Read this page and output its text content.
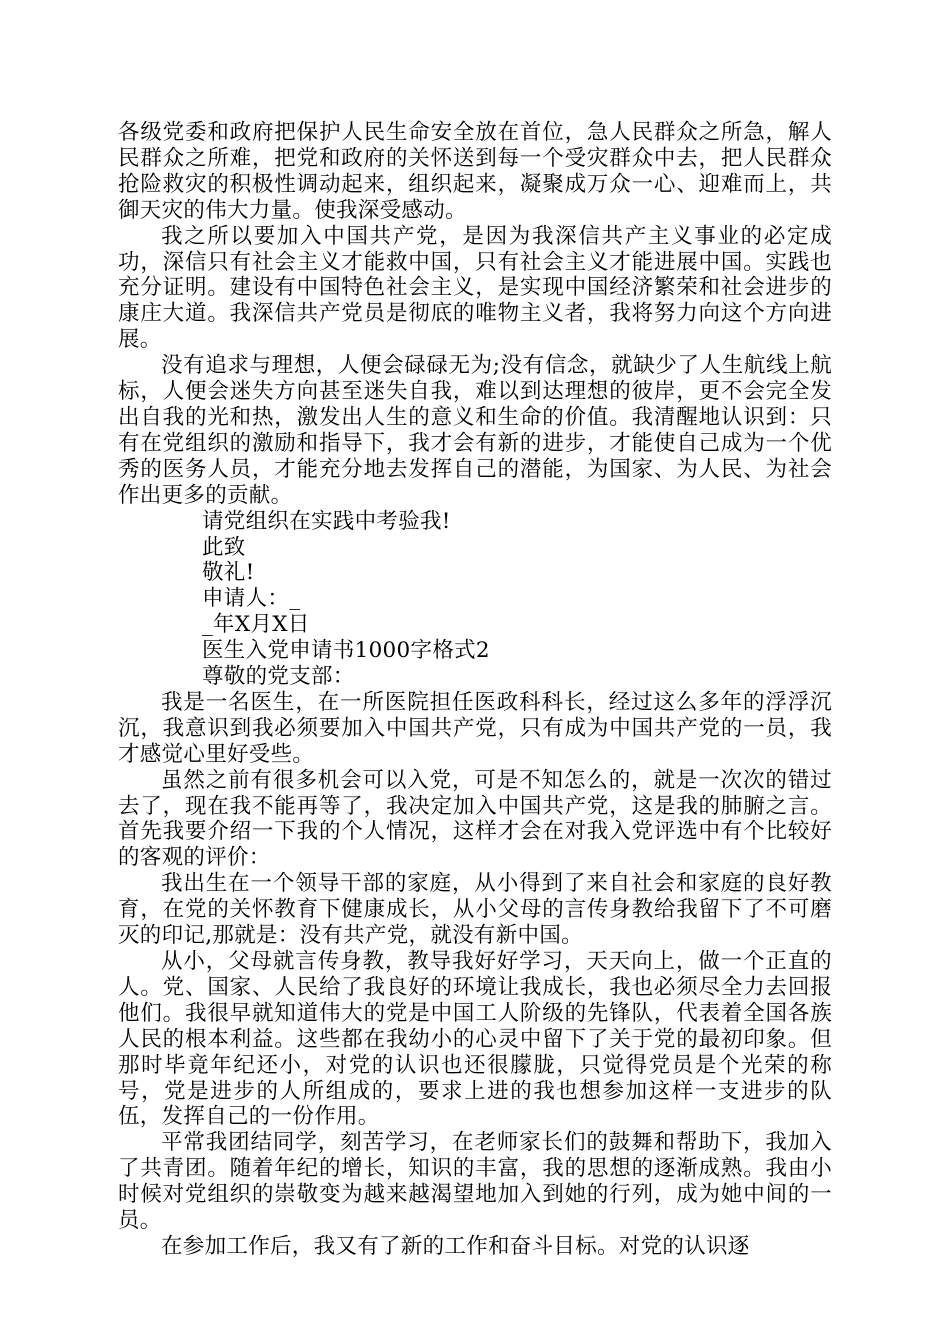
各级党委和政府把保护人民生命安全放在首位，急人民群众之所急，解人民群众之所难，把党和政府的关怀送到每一个受灾群众中去，把人民群众抢险救灾的积极性调动起来，组织起来，凝聚成万众一心、迎难而上，共御天灾的伟大力量。使我深受感动。

我之所以要加入中国共产党，是因为我深信共产主义事业的必定成功，深信只有社会主义才能救中国，只有社会主义才能进展中国。实践也充分证明。建设有中国特色社会主义，是实现中国经济繁荣和社会进步的康庄大道。我深信共产党员是彻底的唯物主义者，我将努力向这个方向进展。

没有追求与理想，人便会碌碌无为;没有信念，就缺少了人生航线上航标，人便会迷失方向甚至迷失自我，难以到达理想的彼岸，更不会完全发出自我的光和热，激发出人生的意义和生命的价值。我清醒地认识到：只有在党组织的激励和指导下，我才会有新的进步，才能使自己成为一个优秀的医务人员，才能充分地去发挥自己的潜能，为国家、为人民、为社会作出更多的贡献。

请党组织在实践中考验我!

此致

敬礼!

申请人：_

_年X月X日

医生入党申请书1000字格式2

尊敬的党支部：

我是一名医生，在一所医院担任医政科科长，经过这么多年的浮浮沉沉，我意识到我必须要加入中国共产党，只有成为中国共产党的一员，我才感觉心里好受些。

虽然之前有很多机会可以入党，可是不知怎么的，就是一次次的错过去了，现在我不能再等了，我决定加入中国共产党，这是我的肺腑之言。首先我要介绍一下我的个人情况，这样才会在对我入党评选中有个比较好的客观的评价：

我出生在一个领导干部的家庭，从小得到了来自社会和家庭的良好教育，在党的关怀教育下健康成长，从小父母的言传身教给我留下了不可磨灭的印记,那就是：没有共产党，就没有新中国。

从小，父母就言传身教，教导我好好学习，天天向上，做一个正直的人。党、国家、人民给了我良好的环境让我成长，我也必须尽全力去回报他们。我很早就知道伟大的党是中国工人阶级的先锋队，代表着全国各族人民的根本利益。这些都在我幼小的心灵中留下了关于党的最初印象。但那时毕竟年纪还小，对党的认识也还很朦胧，只觉得党员是个光荣的称号，党是进步的人所组成的，要求上进的我也想参加这样一支进步的队伍，发挥自己的一份作用。

平常我团结同学，刻苦学习，在老师家长们的鼓舞和帮助下，我加入了共青团。随着年纪的增长，知识的丰富，我的思想的逐渐成熟。我由小时候对党组织的崇敬变为越来越渴望地加入到她的行列，成为她中间的一员。

在参加工作后，我又有了新的工作和奋斗目标。对党的认识逐
